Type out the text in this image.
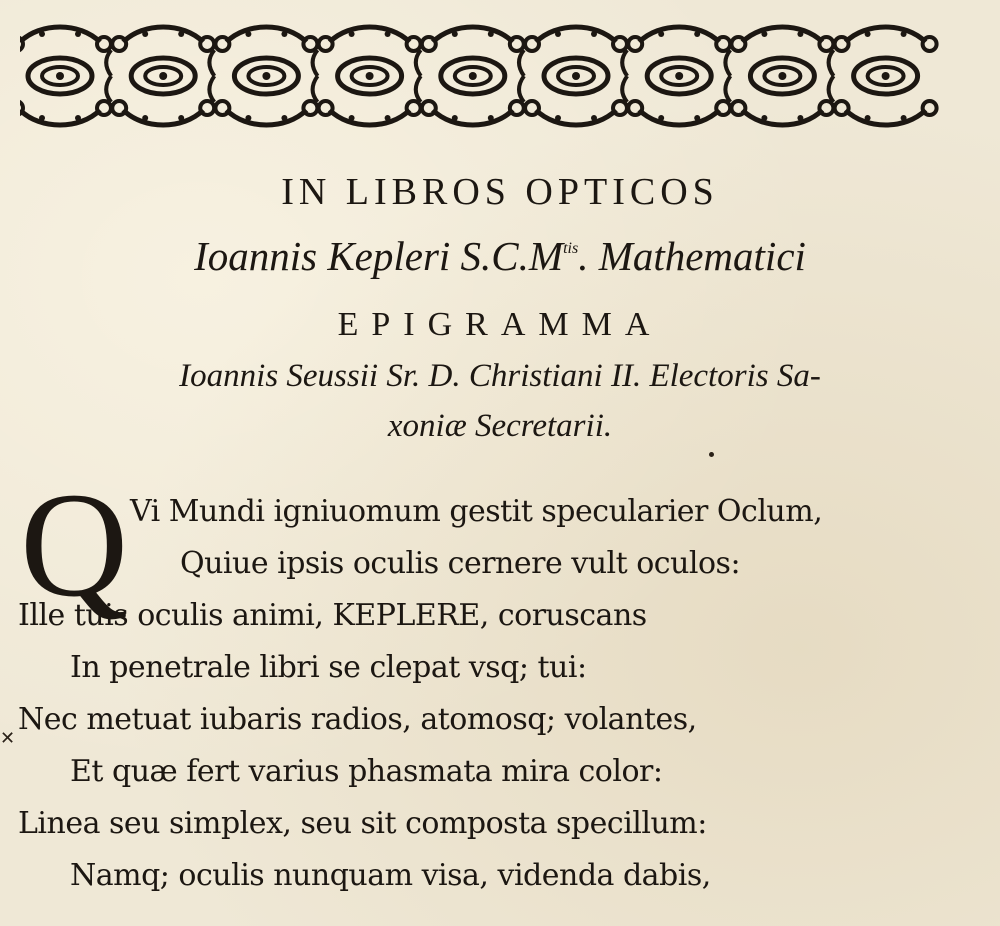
IN LIBROS OPTICOS
Ioannis Kepleri $S.C.M^{tis}$. Mathematici
EPIGRAMMA
Ioannis Seussii Sr. D. Christiani II. Electoris Sa-
xoniæ Secretarii.
Q Vi Mundi igniuomum gestit specularier Oclum,
Quiue ipsis oculis cernere vult oculos:
Ille tuis oculis animi, KEPLERE, coruscans
In penetrale libri se clepat vsq; tui:
Nec metuat iubaris radios, atomosq; volantes,
Et quæ fert varius phasmata mira color:
Linea seu simplex, seu sit composta specillum:
Namq; oculis nunquam visa, videnda dabis,
✕
